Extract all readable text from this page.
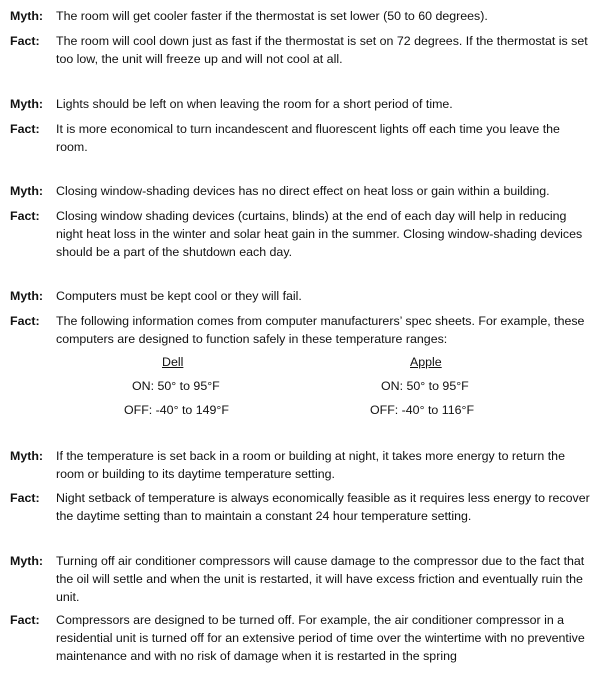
Myth:	The room will get cooler faster if the thermostat is set lower (50 to 60 degrees).
Fact:	The room will cool down just as fast if the thermostat is set on 72 degrees. If the thermostat is set too low, the unit will freeze up and will not cool at all.
Myth:	Lights should be left on when leaving the room for a short period of time.
Fact:	It is more economical to turn incandescent and fluorescent lights off each time you leave the room.
Myth:	Closing window-shading devices has no direct effect on heat loss or gain within a building.
Fact:	Closing window shading devices (curtains, blinds) at the end of each day will help in reducing night heat loss in the winter and solar heat gain in the summer. Closing window-shading devices should be a part of the shutdown each day.
Myth:	Computers must be kept cool or they will fail.
Fact:	The following information comes from computer manufacturers’ spec sheets. For example, these computers are designed to function safely in these temperature ranges:
Dell	Apple
ON: 50° to 95°F	ON: 50° to 95°F
OFF: -40° to 149°F	OFF: -40° to 116°F
Myth:	If the temperature is set back in a room or building at night, it takes more energy to return the room or building to its daytime temperature setting.
Fact:	Night setback of temperature is always economically feasible as it requires less energy to recover the daytime setting than to maintain a constant 24 hour temperature setting.
Myth:	Turning off air conditioner compressors will cause damage to the compressor due to the fact that the oil will settle and when the unit is restarted, it will have excess friction and eventually ruin the unit.
Fact:	Compressors are designed to be turned off. For example, the air conditioner compressor in a residential unit is turned off for an extensive period of time over the wintertime with no preventive maintenance and with no risk of damage when it is restarted in the spring
